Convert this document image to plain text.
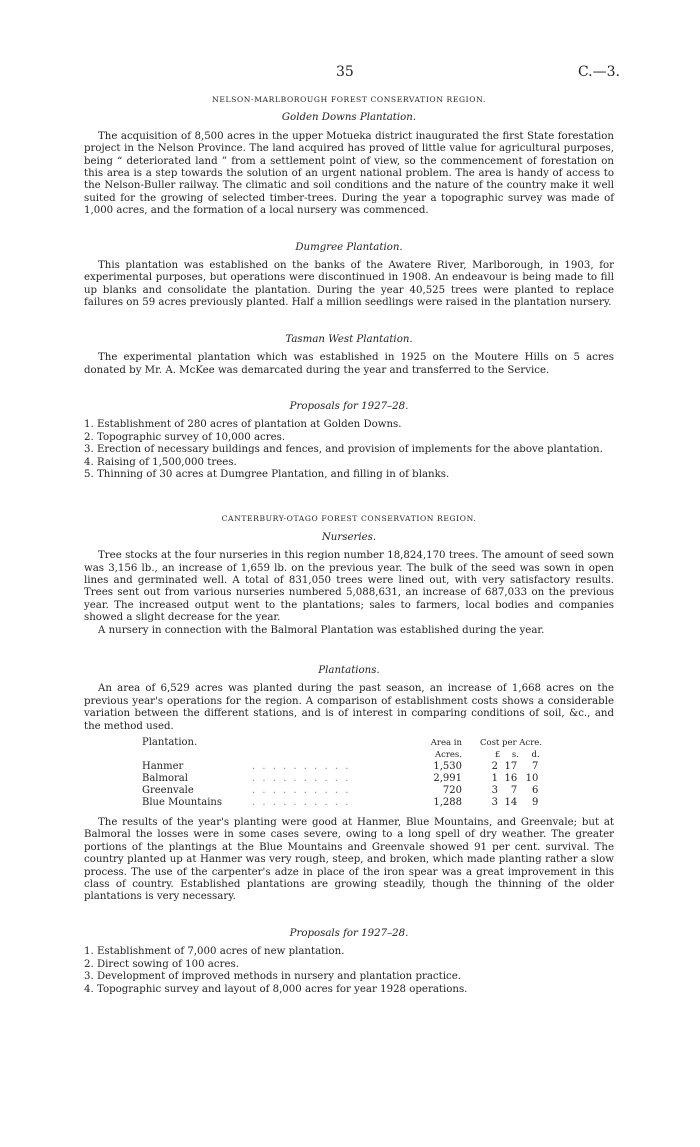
35	C.—3.
NELSON-MARLBOROUGH FOREST CONSERVATION REGION.
Golden Downs Plantation.

The acquisition of 8,500 acres in the upper Motueka district inaugurated the first State forestation project in the Nelson Province. The land acquired has proved of little value for agricultural purposes, being “ deteriorated land ” from a settlement point of view, so the commencement of forestation on this area is a step towards the solution of an urgent national problem. The area is handy of access to the Nelson-Buller railway. The climatic and soil conditions and the nature of the country make it well suited for the growing of selected timber-trees. During the year a topographic survey was made of 1,000 acres, and the formation of a local nursery was commenced.

Dumgree Plantation.

This plantation was established on the banks of the Awatere River, Marlborough, in 1903, for experimental purposes, but operations were discontinued in 1908. An endeavour is being made to fill up blanks and consolidate the plantation. During the year 40,525 trees were planted to replace failures on 59 acres previously planted. Half a million seedlings were raised in the plantation nursery.

Tasman West Plantation.

The experimental plantation which was established in 1925 on the Moutere Hills on 5 acres donated by Mr. A. McKee was demarcated during the year and transferred to the Service.

Proposals for 1927–28.
1. Establishment of 280 acres of plantation at Golden Downs.
2. Topographic survey of 10,000 acres.
3. Erection of necessary buildings and fences, and provision of implements for the above plantation.
4. Raising of 1,500,000 trees.
5. Thinning of 30 acres at Dumgree Plantation, and filling in of blanks.
CANTERBURY-OTAGO FOREST CONSERVATION REGION.
Nurseries.

Tree stocks at the four nurseries in this region number 18,824,170 trees. The amount of seed sown was 3,156 lb., an increase of 1,659 lb. on the previous year. The bulk of the seed was sown in open lines and germinated well. A total of 831,050 trees were lined out, with very satisfactory results. Trees sent out from various nurseries numbered 5,088,631, an increase of 687,033 on the previous year. The increased output went to the plantations; sales to farmers, local bodies and companies showed a slight decrease for the year.

A nursery in connection with the Balmoral Plantation was established during the year.

Plantations.

An area of 6,529 acres was planted during the past season, an increase of 1,668 acres on the previous year's operations for the region. A comparison of establishment costs shows a considerable variation between the different stations, and is of interest in comparing conditions of soil, &c., and the method used.

Plantation.		Area in	Cost per Acre.
		Acres.	£ s. d.
Hanmer	. . . . . . . . . .	1,530	2 17 7
Balmoral	. . . . . . . . . .	2,991	1 16 10
Greenvale	. . . . . . . . . .	720	3 7 6
Blue Mountains	. . . . . . . . . .	1,288	3 14 9

The results of the year's planting were good at Hanmer, Blue Mountains, and Greenvale; but at Balmoral the losses were in some cases severe, owing to a long spell of dry weather. The greater portions of the plantings at the Blue Mountains and Greenvale showed 91 per cent. survival. The country planted up at Hanmer was very rough, steep, and broken, which made planting rather a slow process. The use of the carpenter's adze in place of the iron spear was a great improvement in this class of country. Established plantations are growing steadily, though the thinning of the older plantations is very necessary.

Proposals for 1927–28.
1. Establishment of 7,000 acres of new plantation.
2. Direct sowing of 100 acres.
3. Development of improved methods in nursery and plantation practice.
4. Topographic survey and layout of 8,000 acres for year 1928 operations.
